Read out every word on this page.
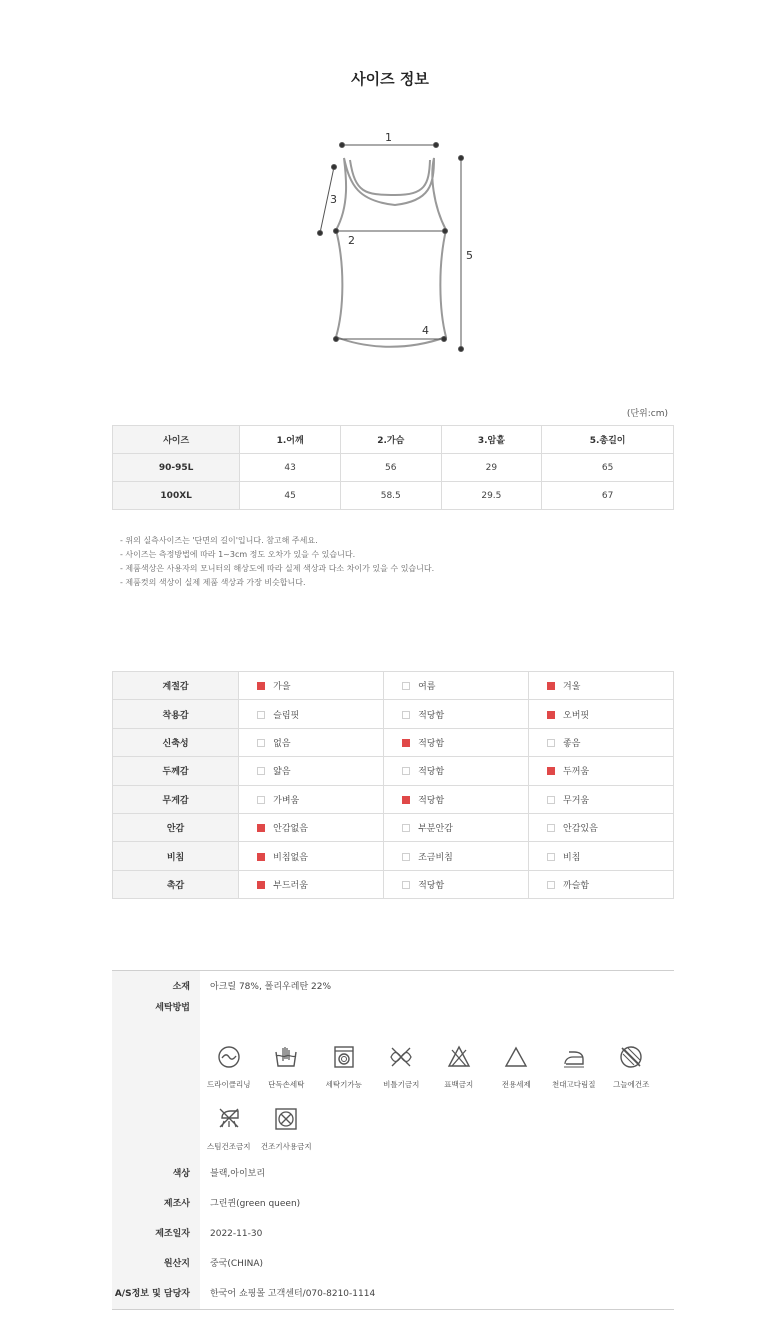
사이즈 정보
1
2
3
4
5
(단위:cm)
사이즈	1.어깨	2.가슴	3.암홀	5.총길이
90-95L	43	56	29	65
100XL	45	58.5	29.5	67
- 위의 실측사이즈는 '단면의 길이'입니다. 참고해 주세요.
- 사이즈는 측정방법에 따라 1~3cm 정도 오차가 있을 수 있습니다.
- 제품색상은 사용자의 모니터의 해상도에 따라 실제 색상과 다소 차이가 있을 수 있습니다.
- 제품컷의 색상이 실제 제품 색상과 가장 비슷합니다.
계절감	가을	여름	겨울
착용감	슬림핏	적당함	오버핏
신축성	없음	적당함	좋음
두께감	얇음	적당함	두꺼움
무게감	가벼움	적당함	무거움
안감	안감없음	부분안감	안감있음
비침	비침없음	조금비침	비침
촉감	부드러움	적당함	까슬함
소재	아크릴 78%, 폴리우레탄 22%
세탁방법
드라이클리닝	단독손세탁	세탁기가능	비틀기금지	표백금지	전용세제	천대고다림질	그늘에건조
스팀건조금지	건조기사용금지
색상	블랙,아이보리
제조사	그린퀸(green queen)
제조일자	2022-11-30
원산지	중국(CHINA)
A/S정보 및 담당자	한국어 쇼핑몰 고객센터/070-8210-1114
